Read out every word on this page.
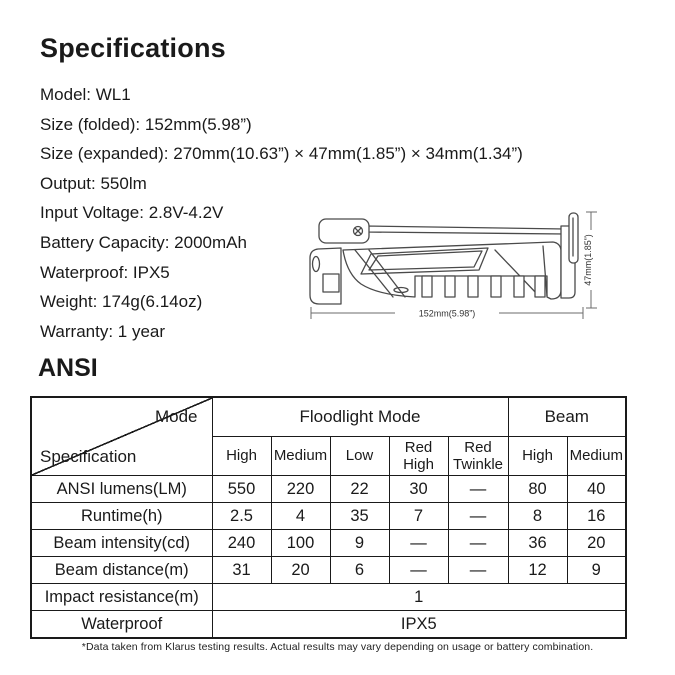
Specifications
Model: WL1
Size (folded): 152mm(5.98”)
Size (expanded): 270mm(10.63”) × 47mm(1.85”) × 34mm(1.34”)
Output: 550lm
Input Voltage: 2.8V-4.2V
Battery Capacity: 2000mAh
Waterproof: IPX5
Weight: 174g(6.14oz)
Warranty: 1 year
152mm(5.98”)
47mm(1.85”)
ANSI
Mode
Specification	Floodlight Mode					Beam	
	High	Medium	Low	Red High	Red Twinkle	High	Medium
ANSI lumens(LM)	550	220	22	30	—	80	40
Runtime(h)	2.5	4	35	7	—	8	16
Beam intensity(cd)	240	100	9	—	—	36	20
Beam distance(m)	31	20	6	—	—	12	9
Impact resistance(m)	1						
Waterproof	IPX5						
*Data taken from Klarus testing results. Actual results may vary depending on usage or battery combination.
